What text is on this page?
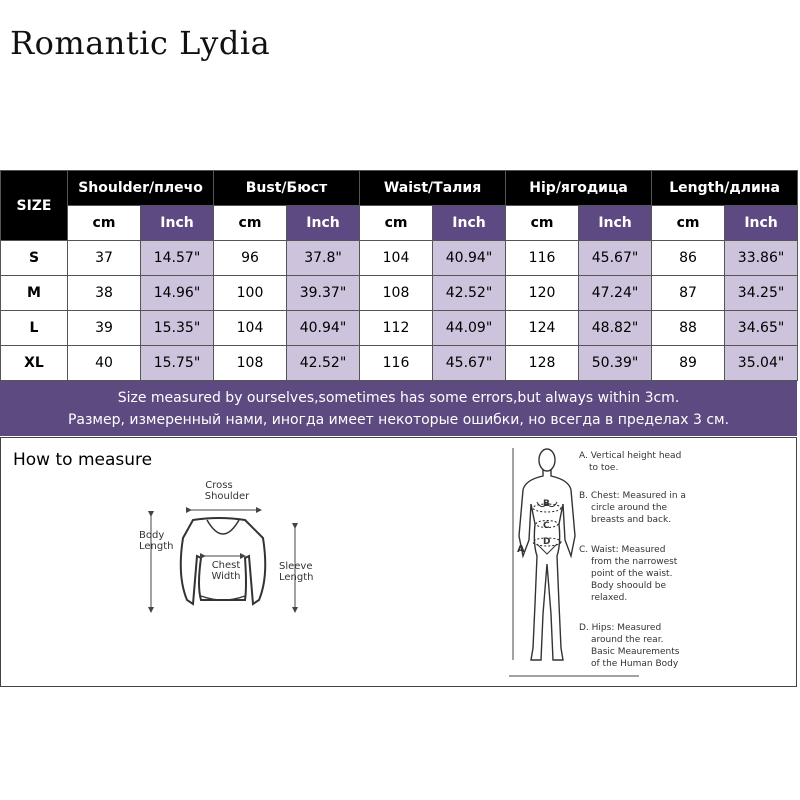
Romantic Lydia
SIZE	Shoulder/плечо		Bust/Бюст		Waist/Талия		Hip/ягодица		Length/длина	
	cm	Inch	cm	Inch	cm	Inch	cm	Inch	cm	Inch
S	37	14.57"	96	37.8"	104	40.94"	116	45.67"	86	33.86"
M	38	14.96"	100	39.37"	108	42.52"	120	47.24"	87	34.25"
L	39	15.35"	104	40.94"	112	44.09"	124	48.82"	88	34.65"
XL	40	15.75"	108	42.52"	116	45.67"	128	50.39"	89	35.04"
Size measured by ourselves,sometimes has some errors,but always within 3cm.
Размер, измеренный нами, иногда имеет некоторые ошибки, но всегда в пределах 3 см.
How to measure
Cross
Shoulder
Body
Length
Chest
Width
Sleeve
Length
A
B
C
D
A. Vertical height head
to toe.
B. Chest: Measured in a
circle around the
breasts and back.
C. Waist: Measured
from the narrowest
point of the waist.
Body shoould be
relaxed.
D. Hips: Measured
around the rear.
Basic Meaurements
of the Human Body
